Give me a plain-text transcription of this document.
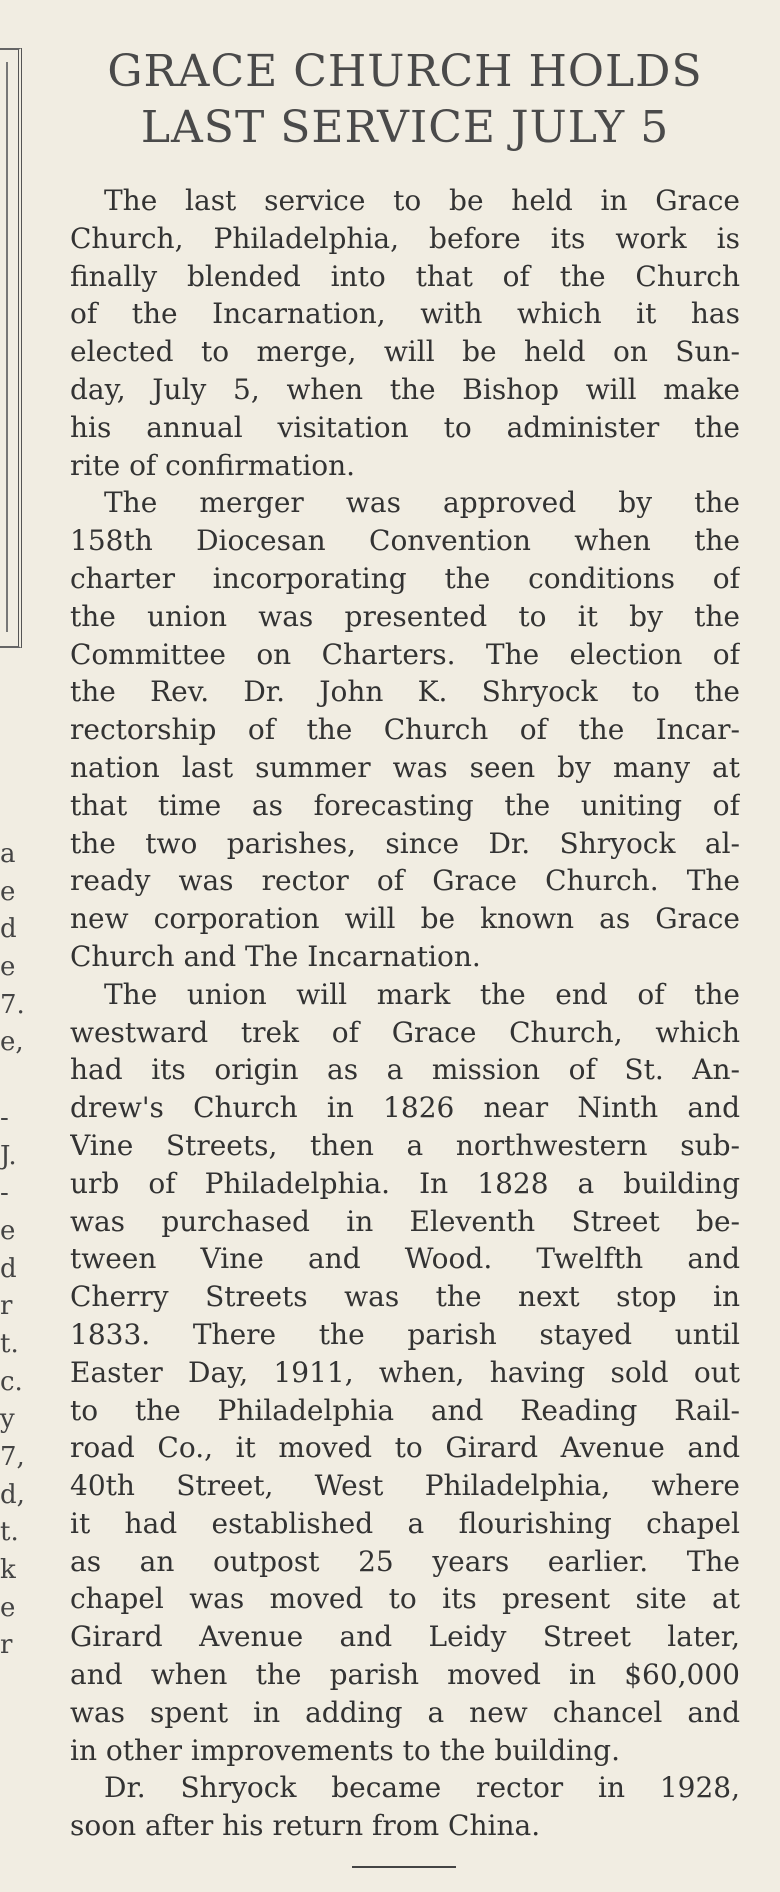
a
e
d
e
7.
e,
-
J.
-
e
d
r
t.
c.
y
7,
d,
t.
k
e
r
GRACE CHURCH HOLDS
LAST SERVICE JULY 5

The last service to be held in Grace
Church, Philadelphia, before its work is
finally blended into that of the Church
of the Incarnation, with which it has
elected to merge, will be held on Sun-
day, July 5, when the Bishop will make
his annual visitation to administer the
rite of confirmation.

The merger was approved by the
158th Diocesan Convention when the
charter incorporating the conditions of
the union was presented to it by the
Committee on Charters. The election of
the Rev. Dr. John K. Shryock to the
rectorship of the Church of the Incar-
nation last summer was seen by many at
that time as forecasting the uniting of
the two parishes, since Dr. Shryock al-
ready was rector of Grace Church. The
new corporation will be known as Grace
Church and The Incarnation.

The union will mark the end of the
westward trek of Grace Church, which
had its origin as a mission of St. An-
drew's Church in 1826 near Ninth and
Vine Streets, then a northwestern sub-
urb of Philadelphia. In 1828 a building
was purchased in Eleventh Street be-
tween Vine and Wood. Twelfth and
Cherry Streets was the next stop in
1833. There the parish stayed until
Easter Day, 1911, when, having sold out
to the Philadelphia and Reading Rail-
road Co., it moved to Girard Avenue and
40th Street, West Philadelphia, where
it had established a flourishing chapel
as an outpost 25 years earlier. The
chapel was moved to its present site at
Girard Avenue and Leidy Street later,
and when the parish moved in $60,000
was spent in adding a new chancel and
in other improvements to the building.

Dr. Shryock became rector in 1928,
soon after his return from China.
